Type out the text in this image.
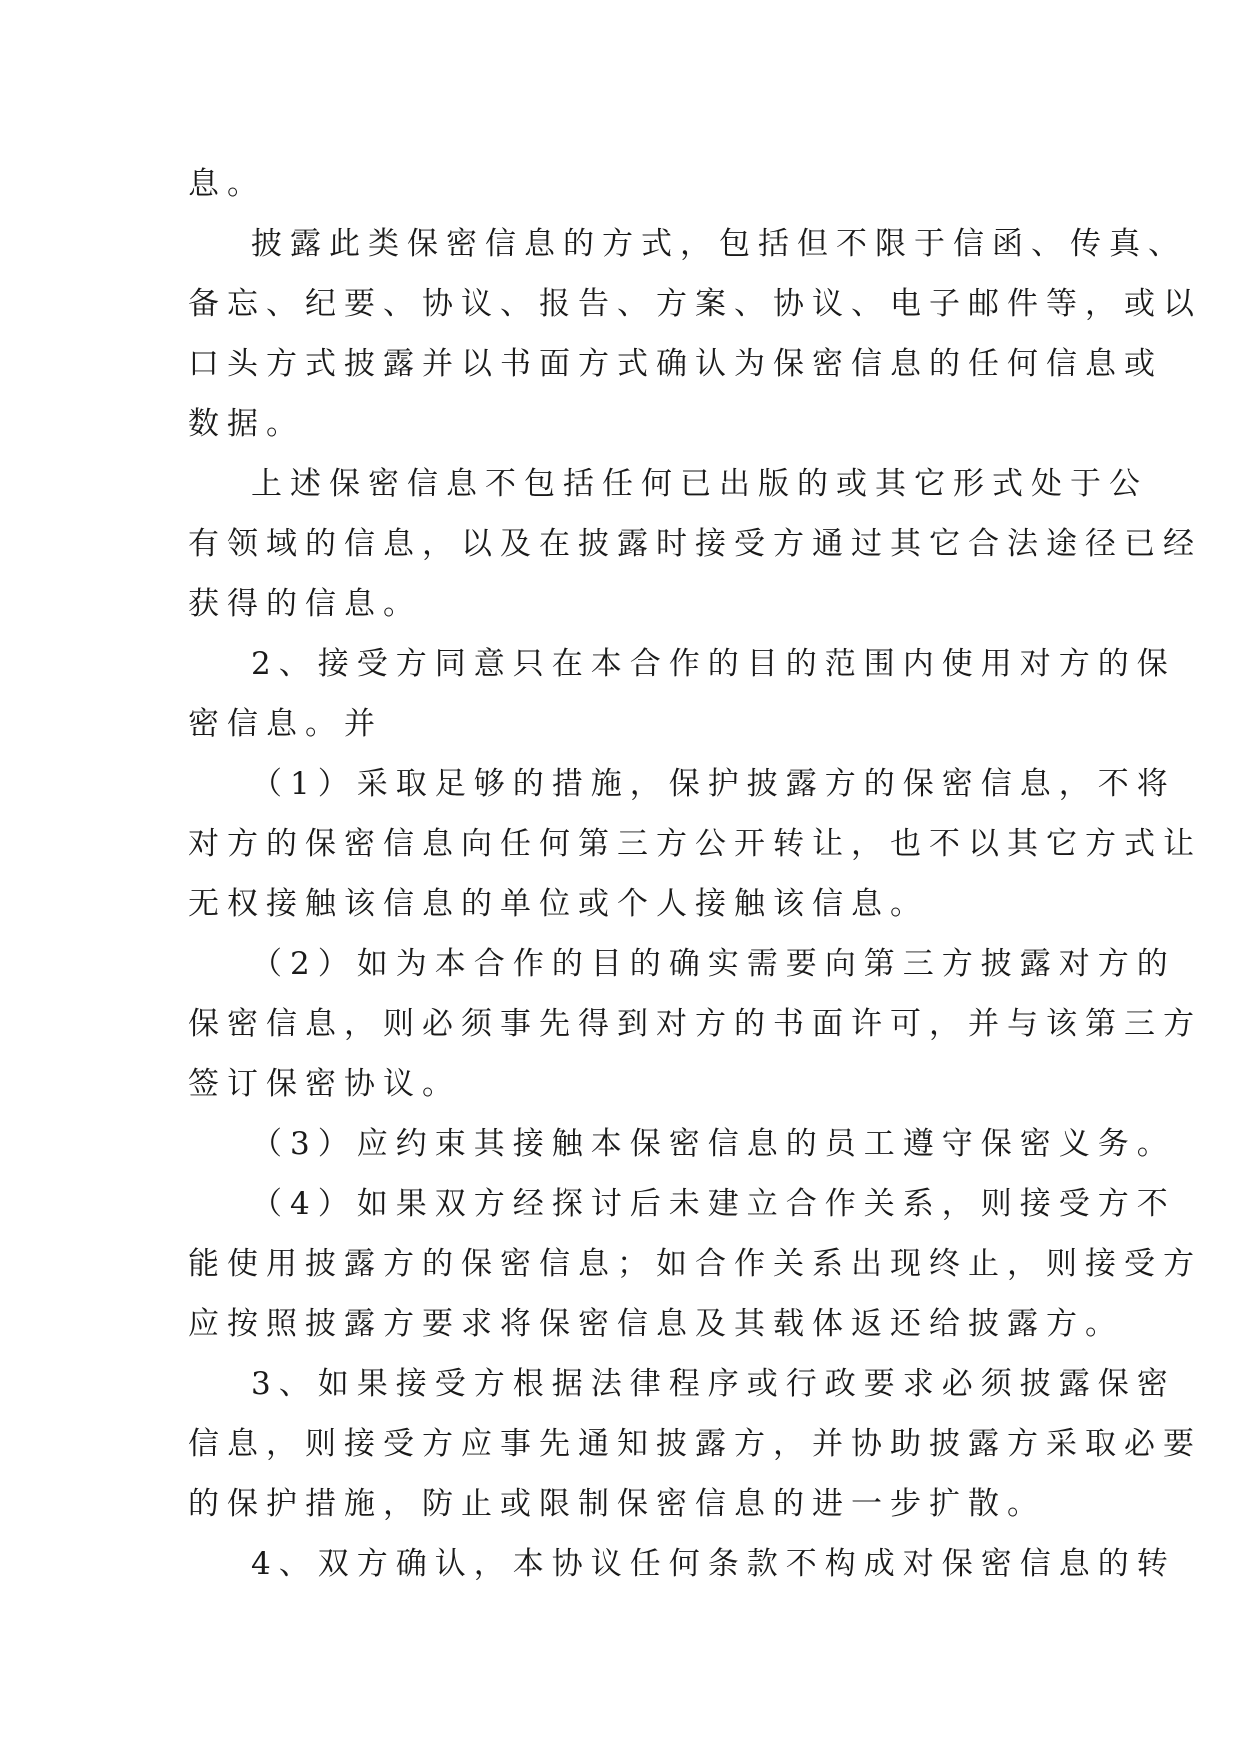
息。
披露此类保密信息的方式，包括但不限于信函、传真、
备忘、纪要、协议、报告、方案、协议、电子邮件等，或以
口头方式披露并以书面方式确认为保密信息的任何信息或
数据。
上述保密信息不包括任何已出版的或其它形式处于公
有领域的信息，以及在披露时接受方通过其它合法途径已经
获得的信息。
2、接受方同意只在本合作的目的范围内使用对方的保
密信息。并
（1）采取足够的措施，保护披露方的保密信息，不将
对方的保密信息向任何第三方公开转让，也不以其它方式让
无权接触该信息的单位或个人接触该信息。
（2）如为本合作的目的确实需要向第三方披露对方的
保密信息，则必须事先得到对方的书面许可，并与该第三方
签订保密协议。
（3）应约束其接触本保密信息的员工遵守保密义务。
（4）如果双方经探讨后未建立合作关系，则接受方不
能使用披露方的保密信息；如合作关系出现终止，则接受方
应按照披露方要求将保密信息及其载体返还给披露方。
3、如果接受方根据法律程序或行政要求必须披露保密
信息，则接受方应事先通知披露方，并协助披露方采取必要
的保护措施，防止或限制保密信息的进一步扩散。
4、双方确认，本协议任何条款不构成对保密信息的转
